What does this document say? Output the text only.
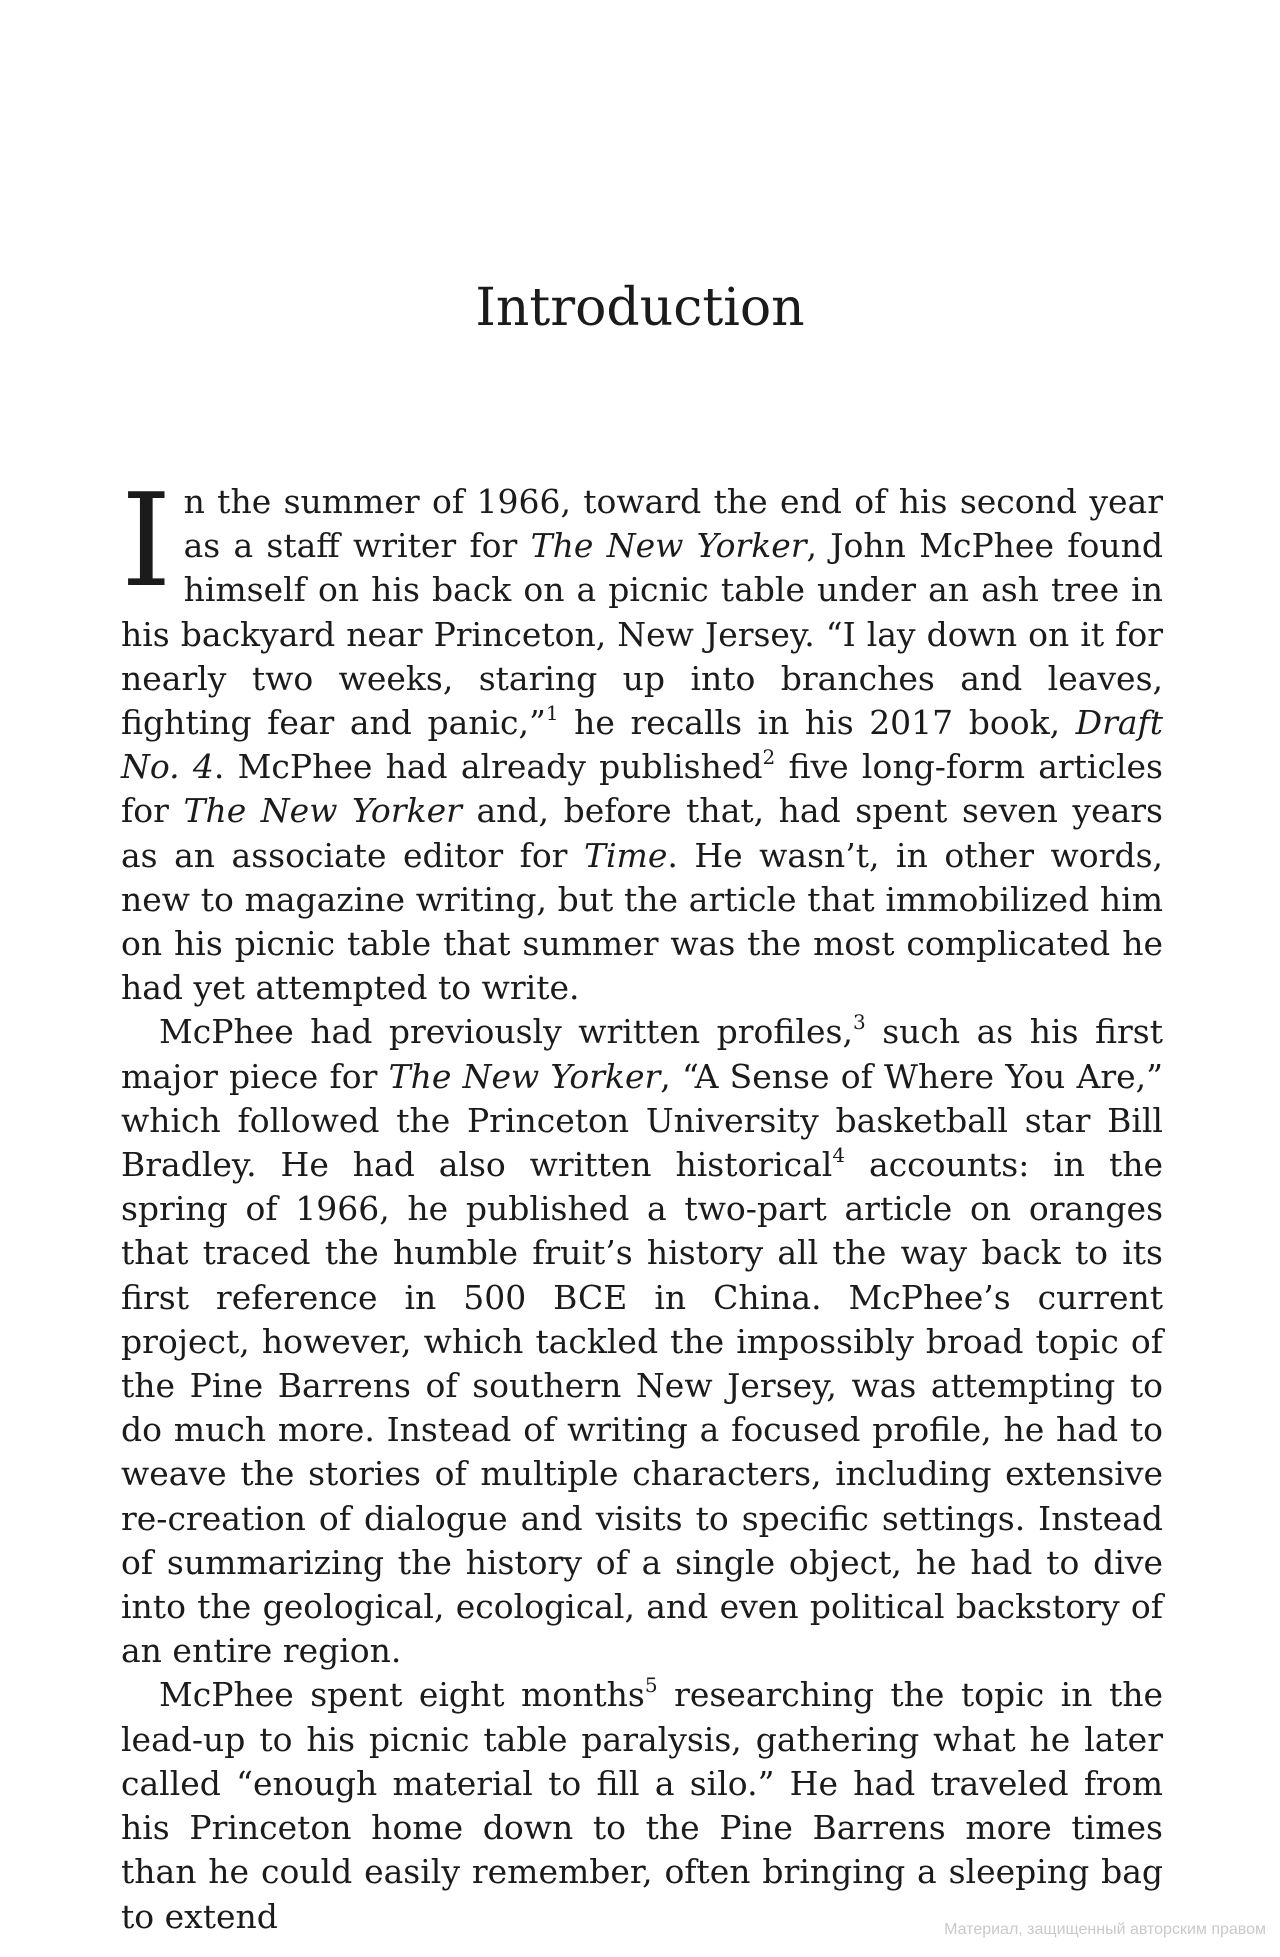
Introduction

In the summer of 1966, toward the end of his second year as a staff writer for The New Yorker, John McPhee found himself on his back on a picnic table under an ash tree in his backyard near Princeton, New Jersey. “I lay down on it for nearly two weeks, staring up into branches and leaves, fighting fear and panic,”$^1$ he recalls in his 2017 book, Draft No. 4. McPhee had already published$^2$ five long-form articles for The New Yorker and, before that, had spent seven years as an associate editor for Time. He wasn’t, in other words, new to magazine writing, but the article that immobilized him on his picnic table that summer was the most complicated he had yet attempted to write.

McPhee had previously written profiles,$^3$ such as his first major piece for The New Yorker, “A Sense of Where You Are,” which followed the Princeton University basketball star Bill Bradley. He had also written historical$^4$ accounts: in the spring of 1966, he published a two-part article on oranges that traced the humble fruit’s history all the way back to its first reference in 500 BCE in China. McPhee’s current project, however, which tackled the impossibly broad topic of the Pine Barrens of southern New Jersey, was attempting to do much more. Instead of writing a focused profile, he had to weave the stories of multiple characters, including extensive re-creation of dialogue and visits to specific settings. Instead of summarizing the history of a single object, he had to dive into the geological, ecological, and even political backstory of an entire region.

McPhee spent eight months$^5$ researching the topic in the lead-up to his picnic table paralysis, gathering what he later called “enough material to fill a silo.” He had traveled from his Princeton home down to the Pine Barrens more times than he could easily remember, often bringing a sleeping bag to extend	Материал, защищенный авторским правом
